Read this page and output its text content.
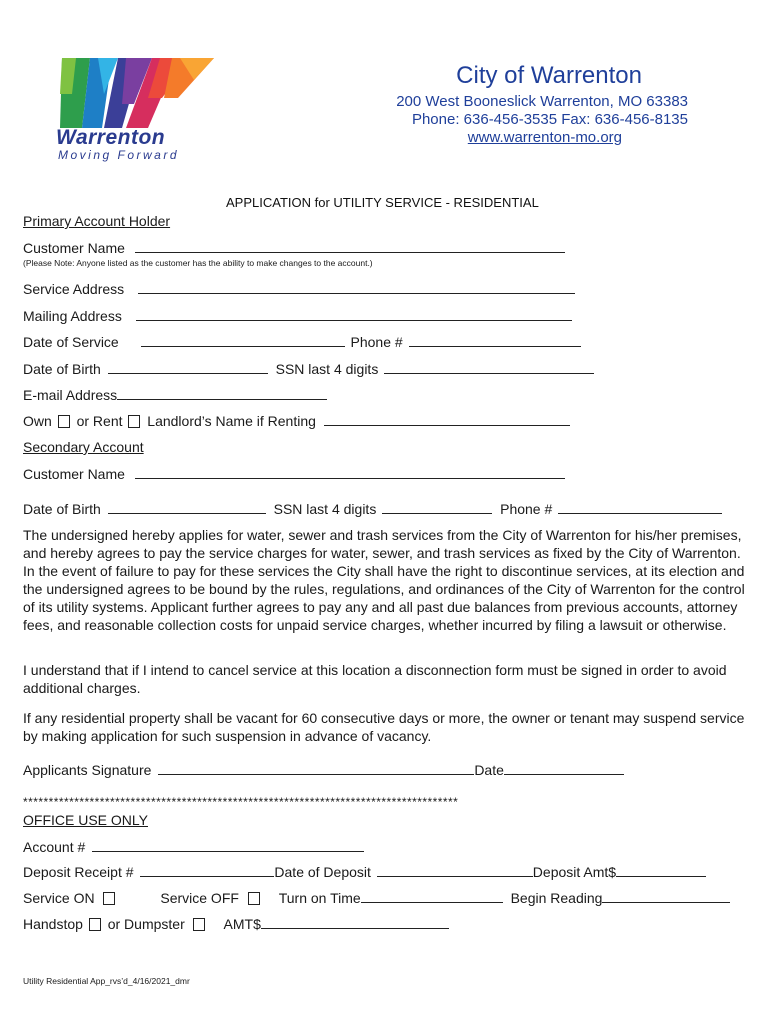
Warrenton
Moving Forward
City of Warrenton
200 West Booneslick Warrenton, MO 63383
Phone: 636-456-3535 Fax: 636-456-8135
www.warrenton-mo.org
APPLICATION for UTILITY SERVICE - RESIDENTIAL
Primary Account Holder
Customer Name
(Please Note: Anyone listed as the customer has the ability to make changes to the account.)
Service Address
Mailing Address
Date of Service	Phone #
Date of Birth	SSN last 4 digits
E-mail Address
Own or Rent Landlord’s Name if Renting
Secondary Account
Customer Name
Date of Birth	SSN last 4 digits	Phone #
The undersigned hereby applies for water, sewer and trash services from the City of Warrenton for his/her premises, and hereby agrees to pay the service charges for water, sewer, and trash services as fixed by the City of Warrenton. In the event of failure to pay for these services the City shall have the right to discontinue services, at its election and the undersigned agrees to be bound by the rules, regulations, and ordinances of the City of Warrenton for the control of its utility systems. Applicant further agrees to pay any and all past due balances from previous accounts, attorney fees, and reasonable collection costs for unpaid service charges, whether incurred by filing a lawsuit or otherwise.
I understand that if I intend to cancel service at this location a disconnection form must be signed in order to avoid additional charges.
If any residential property shall be vacant for 60 consecutive days or more, the owner or tenant may suspend service by making application for such suspension in advance of vacancy.
Applicants Signature	Date
*************************************************************************************
OFFICE USE ONLY
Account #
Deposit Receipt #	Date of Deposit	Deposit Amt$
Service ON	Service OFF	Turn on Time	Begin Reading
Handstop or Dumpster	AMT$
Utility Residential App_rvs’d_4/16/2021_dmr
